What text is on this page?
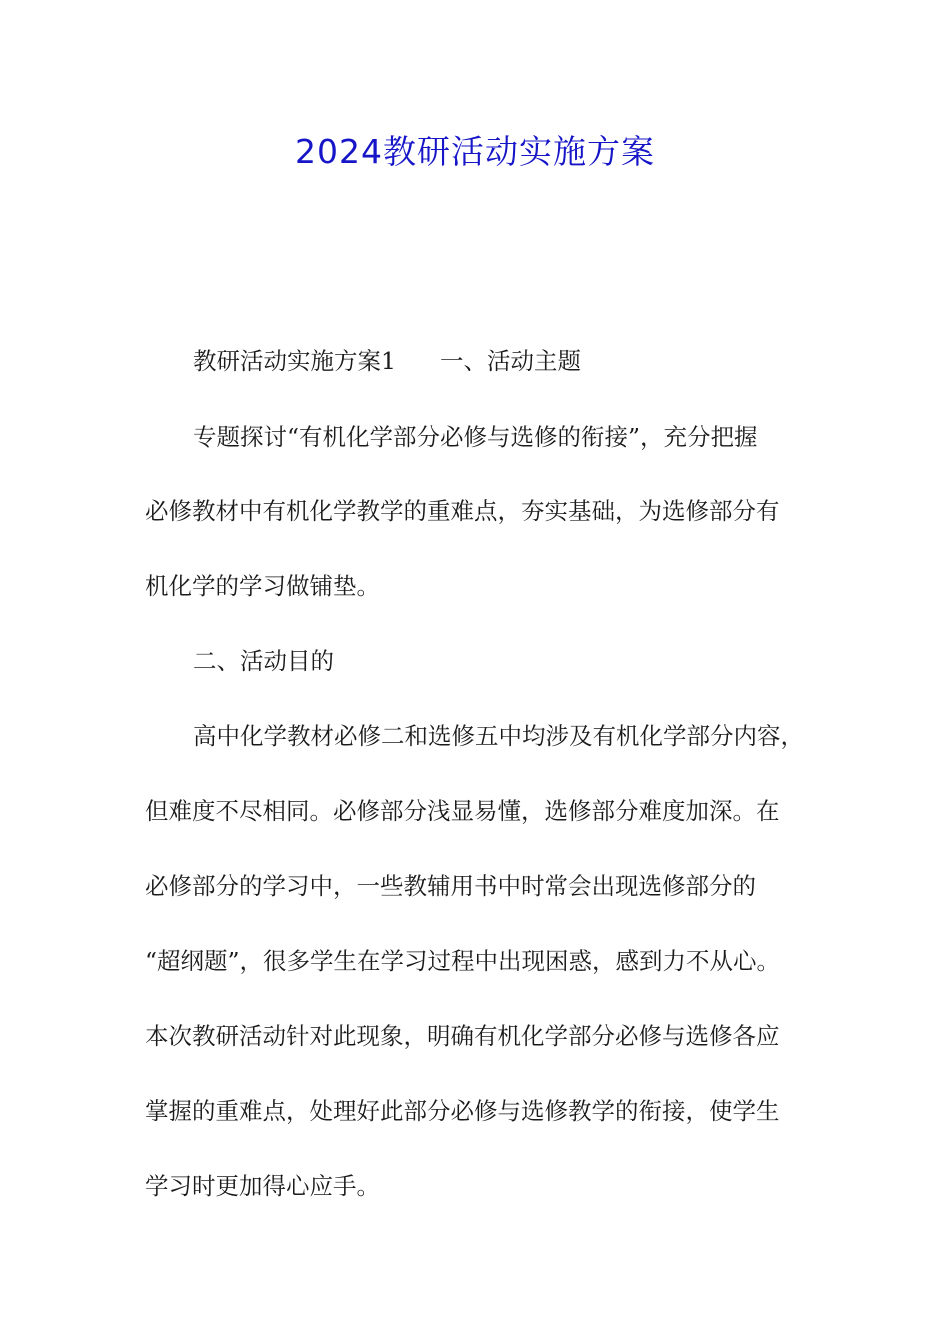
2024教研活动实施方案

教研活动实施方案1 一、活动主题

专题探讨“有机化学部分必修与选修的衔接”，充分把握

必修教材中有机化学教学的重难点，夯实基础，为选修部分有

机化学的学习做铺垫。

二、活动目的

高中化学教材必修二和选修五中均涉及有机化学部分内容，

但难度不尽相同。必修部分浅显易懂，选修部分难度加深。在

必修部分的学习中，一些教辅用书中时常会出现选修部分的

“超纲题”，很多学生在学习过程中出现困惑，感到力不从心。

本次教研活动针对此现象，明确有机化学部分必修与选修各应

掌握的重难点，处理好此部分必修与选修教学的衔接，使学生

学习时更加得心应手。
